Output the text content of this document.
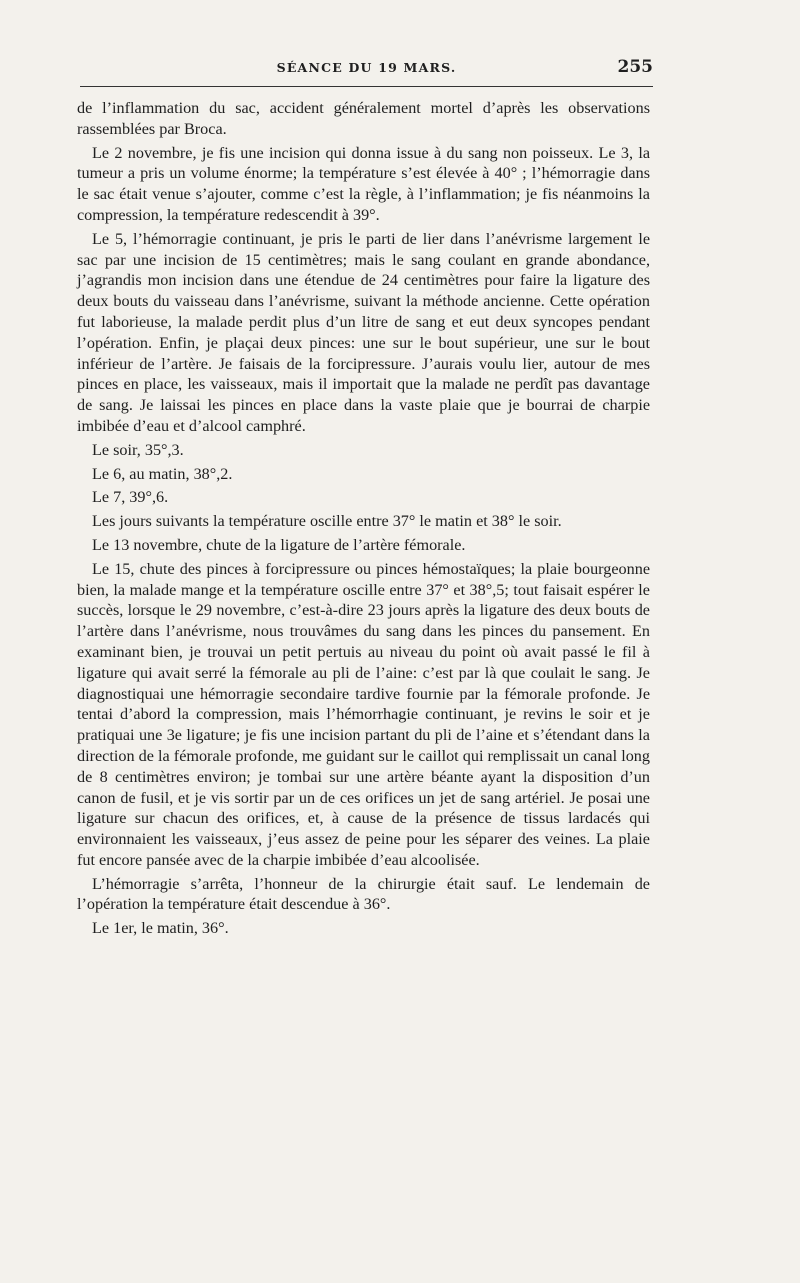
SÉANCE DU 19 MARS.	255

de l’inflammation du sac, accident généralement mortel d’après les observations rassemblées par Broca.

Le 2 novembre, je fis une incision qui donna issue à du sang non poisseux. Le 3, la tumeur a pris un volume énorme; la température s’est élevée à 40° ; l’hémorragie dans le sac était venue s’ajouter, comme c’est la règle, à l’inflammation; je fis néanmoins la compression, la température redescendit à 39°.

Le 5, l’hémorragie continuant, je pris le parti de lier dans l’anévrisme largement le sac par une incision de 15 centimètres; mais le sang coulant en grande abondance, j’agrandis mon incision dans une étendue de 24 centimètres pour faire la ligature des deux bouts du vaisseau dans l’anévrisme, suivant la méthode ancienne. Cette opération fut laborieuse, la malade perdit plus d’un litre de sang et eut deux syncopes pendant l’opération. Enfin, je plaçai deux pinces: une sur le bout supérieur, une sur le bout inférieur de l’artère. Je faisais de la forcipressure. J’aurais voulu lier, autour de mes pinces en place, les vaisseaux, mais il importait que la malade ne perdît pas davantage de sang. Je laissai les pinces en place dans la vaste plaie que je bourrai de charpie imbibée d’eau et d’alcool camphré.

Le soir, 35°,3.

Le 6, au matin, 38°,2.

Le 7, 39°,6.

Les jours suivants la température oscille entre 37° le matin et 38° le soir.

Le 13 novembre, chute de la ligature de l’artère fémorale.

Le 15, chute des pinces à forcipressure ou pinces hémostaïques; la plaie bourgeonne bien, la malade mange et la température oscille entre 37° et 38°,5; tout faisait espérer le succès, lorsque le 29 novembre, c’est-à-dire 23 jours après la ligature des deux bouts de l’artère dans l’anévrisme, nous trouvâmes du sang dans les pinces du pansement. En examinant bien, je trouvai un petit pertuis au niveau du point où avait passé le fil à ligature qui avait serré la fémorale au pli de l’aine: c’est par là que coulait le sang. Je diagnostiquai une hémorragie secondaire tardive fournie par la fémorale profonde. Je tentai d’abord la compression, mais l’hémorrhagie continuant, je revins le soir et je pratiquai une 3e ligature; je fis une incision partant du pli de l’aine et s’étendant dans la direction de la fémorale profonde, me guidant sur le caillot qui remplissait un canal long de 8 centimètres environ; je tombai sur une artère béante ayant la disposition d’un canon de fusil, et je vis sortir par un de ces orifices un jet de sang artériel. Je posai une ligature sur chacun des orifices, et, à cause de la présence de tissus lardacés qui environnaient les vaisseaux, j’eus assez de peine pour les séparer des veines. La plaie fut encore pansée avec de la charpie imbibée d’eau alcoolisée.

L’hémorragie s’arrêta, l’honneur de la chirurgie était sauf. Le lendemain de l’opération la température était descendue à 36°.

Le 1er, le matin, 36°.
